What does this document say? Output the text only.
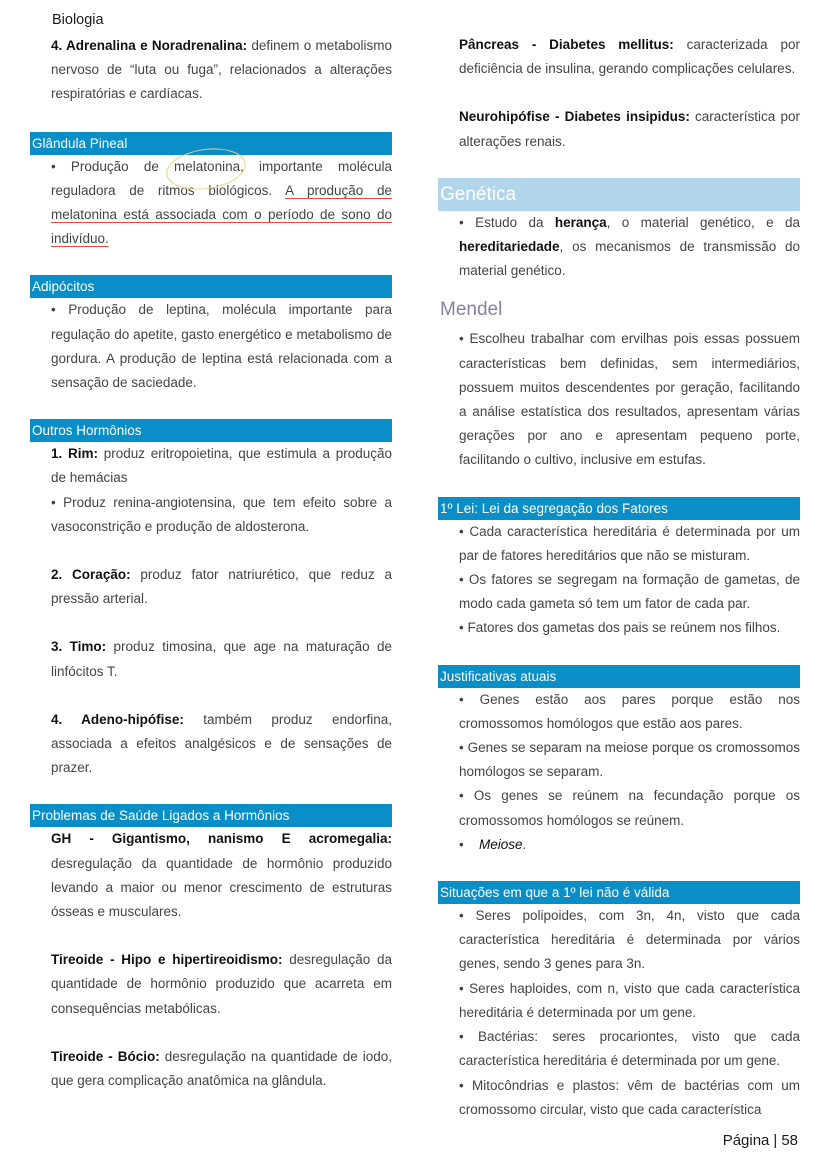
Biologia

4. Adrenalina e Noradrenalina: definem o metabolismo nervoso de “luta ou fuga”, relacionados a alterações respiratórias e cardíacas.

Glândula Pineal

• Produção de melatonina, importante molécula reguladora de ritmos biológicos. A produção de melatonina está associada com o período de sono do indivíduo.

Adipócitos

• Produção de leptina, molécula importante para regulação do apetite, gasto energético e metabolismo de gordura. A produção de leptina está relacionada com a sensação de saciedade.

Outros Hormônios

1. Rim: produz eritropoietina, que estimula a produção de hemácias

• Produz renina-angiotensina, que tem efeito sobre a vasoconstrição e produção de aldosterona.

2. Coração: produz fator natriurético, que reduz a pressão arterial.

3. Timo: produz timosina, que age na maturação de linfócitos T.

4. Adeno-hipófise: também produz endorfina, associada a efeitos analgésicos e de sensações de prazer.

Problemas de Saúde Ligados a Hormônios

GH - Gigantismo, nanismo E acromegalia: desregulação da quantidade de hormônio produzido levando a maior ou menor crescimento de estruturas ósseas e musculares.

Tireoide - Hipo e hipertireoidismo: desregulação da quantidade de hormônio produzido que acarreta em consequências metabólicas.

Tireoide - Bócio: desregulação na quantidade de iodo, que gera complicação anatômica na glândula.

Pâncreas - Diabetes mellitus: caracterizada por deficiência de insulina, gerando complicações celulares.

Neurohipófise - Diabetes insipidus: característica por alterações renais.

Genética

• Estudo da herança, o material genético, e da hereditariedade, os mecanismos de transmissão do material genético.

Mendel

• Escolheu trabalhar com ervilhas pois essas possuem características bem definidas, sem intermediários, possuem muitos descendentes por geração, facilitando a análise estatística dos resultados, apresentam várias gerações por ano e apresentam pequeno porte, facilitando o cultivo, inclusive em estufas.

1º Lei: Lei da segregação dos Fatores

• Cada característica hereditária é determinada por um par de fatores hereditários que não se misturam.

• Os fatores se segregam na formação de gametas, de modo cada gameta só tem um fator de cada par.

• Fatores dos gametas dos pais se reúnem nos filhos.

Justificativas atuais

• Genes estão aos pares porque estão nos cromossomos homólogos que estão aos pares.

• Genes se separam na meiose porque os cromossomos homólogos se separam.

• Os genes se reúnem na fecundação porque os cromossomos homólogos se reúnem.

• Meiose.

Situações em que a 1º lei não é válida

• Seres polipoides, com 3n, 4n, visto que cada característica hereditária é determinada por vários genes, sendo 3 genes para 3n.

• Seres haploides, com n, visto que cada característica hereditária é determinada por um gene.

• Bactérias: seres procariontes, visto que cada característica hereditária é determinada por um gene.

• Mitocôndrias e plastos: vêm de bactérias com um cromossomo circular, visto que cada característica

Página | 58
